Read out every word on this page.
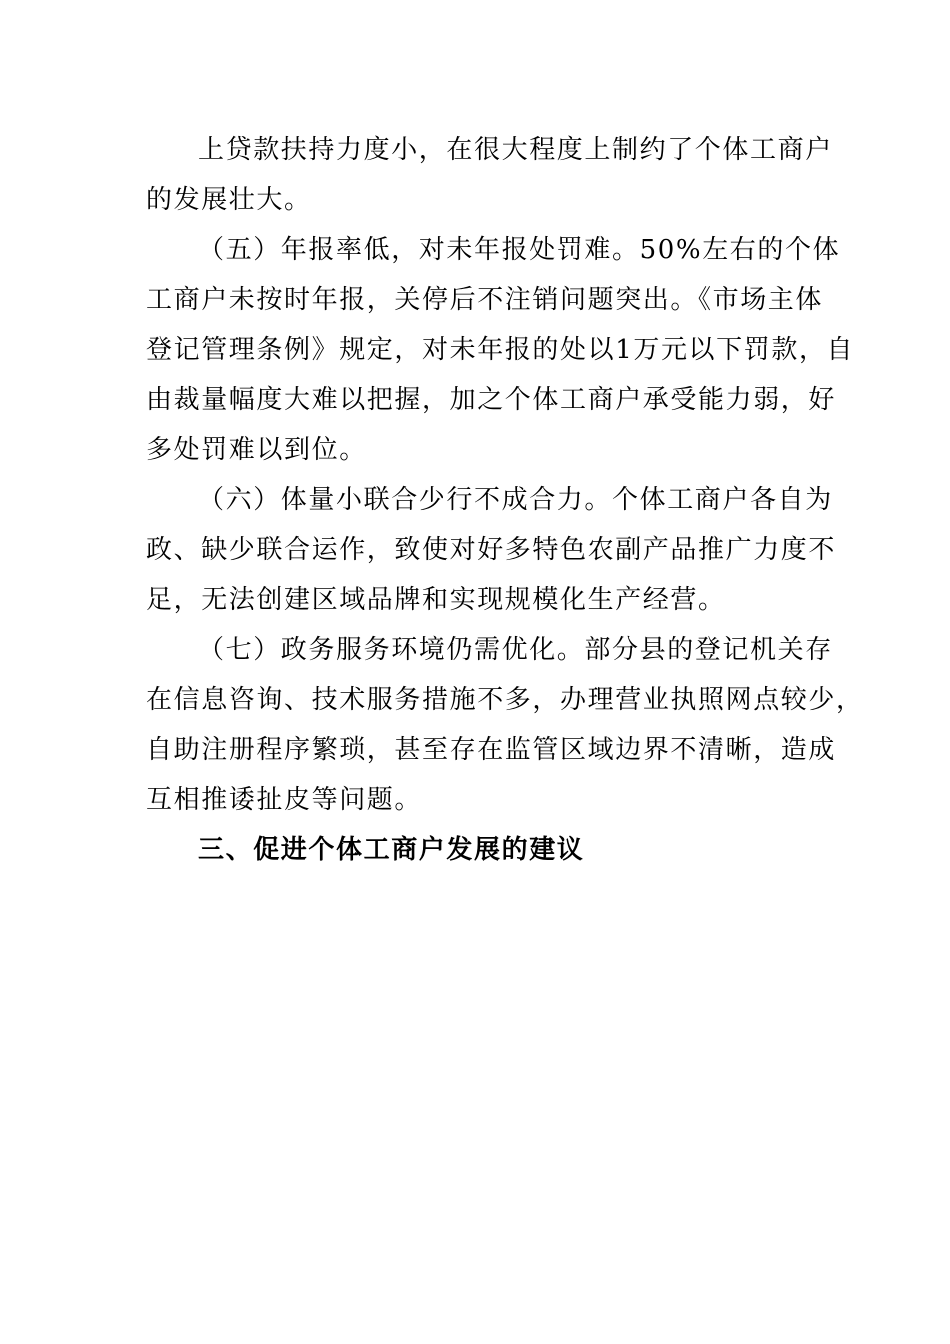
上贷款扶持力度小，在很大程度上制约了个体工商户
的发展壮大。

（五）年报率低，对未年报处罚难。50%左右的个体
工商户未按时年报，关停后不注销问题突出。《市场主体
登记管理条例》规定，对未年报的处以1万元以下罚款，自
由裁量幅度大难以把握，加之个体工商户承受能力弱，好
多处罚难以到位。

（六）体量小联合少行不成合力。个体工商户各自为
政、缺少联合运作，致使对好多特色农副产品推广力度不
足，无法创建区域品牌和实现规模化生产经营。

（七）政务服务环境仍需优化。部分县的登记机关存
在信息咨询、技术服务措施不多，办理营业执照网点较少，
自助注册程序繁琐，甚至存在监管区域边界不清晰，造成
互相推诿扯皮等问题。

三、促进个体工商户发展的建议
